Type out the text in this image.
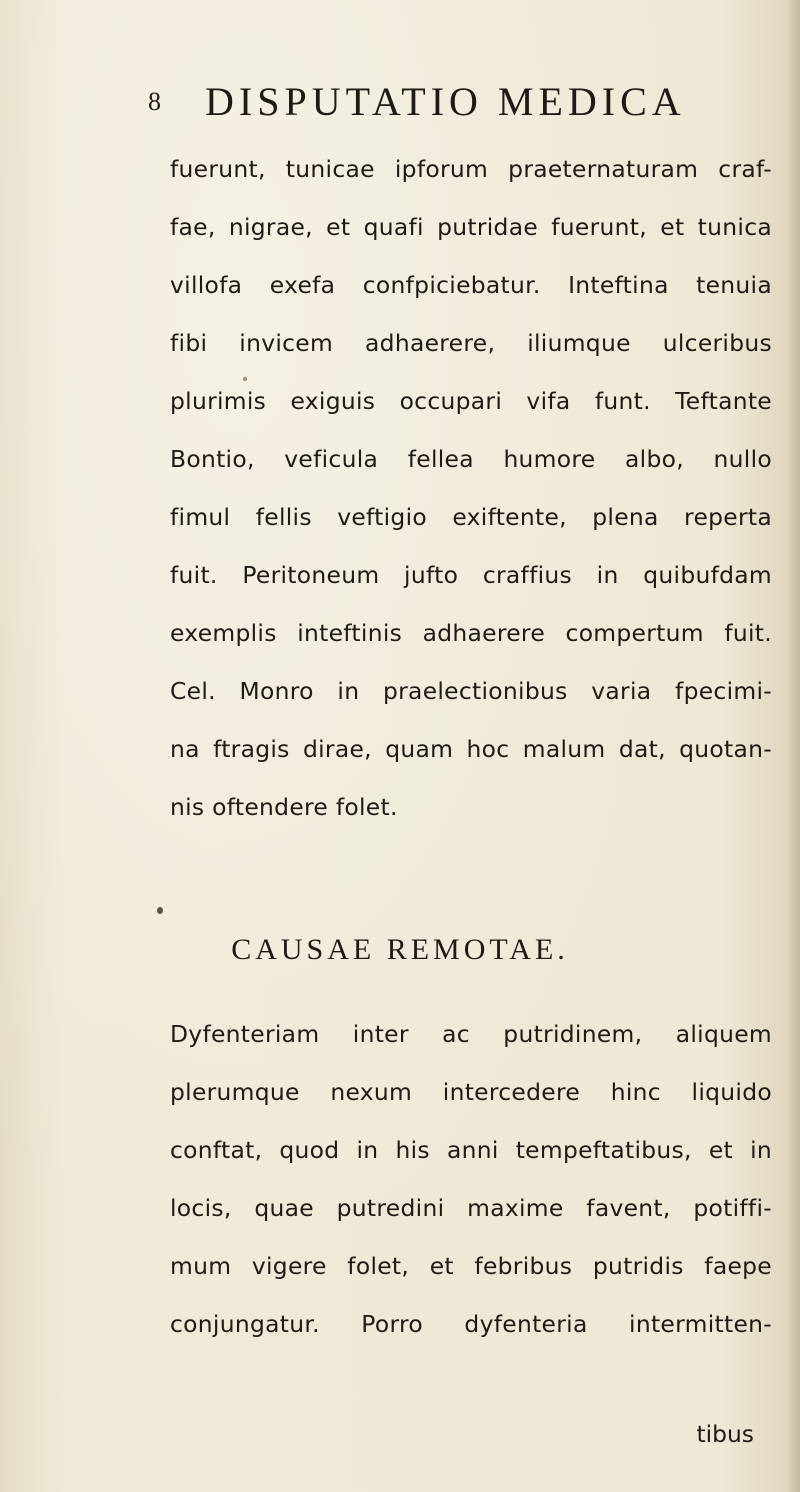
8 DISPUTATIO MEDICA
fuerunt, tunicae ipforum praeternaturam craf-
fae, nigrae, et quafi putridae fuerunt, et tunica
villofa exefa confpiciebatur. Inteftina tenuia
fibi invicem adhaerere, iliumque ulceribus
plurimis exiguis occupari vifa funt. Teftante
Bontio, veficula fellea humore albo, nullo
fimul fellis veftigio exiftente, plena reperta
fuit. Peritoneum jufto craffius in quibufdam
exemplis inteftinis adhaerere compertum fuit.
Cel. Monro in praelectionibus varia fpecimi-
na ftragis dirae, quam hoc malum dat, quotan-
nis oftendere folet.
CAUSAE REMOTAE.
Dyfenteriam inter ac putridinem, aliquem
plerumque nexum intercedere hinc liquido
conftat, quod in his anni tempeftatibus, et in
locis, quae putredini maxime favent, potiffi-
mum vigere folet, et febribus putridis faepe
conjungatur. Porro dyfenteria intermitten-
tibus
